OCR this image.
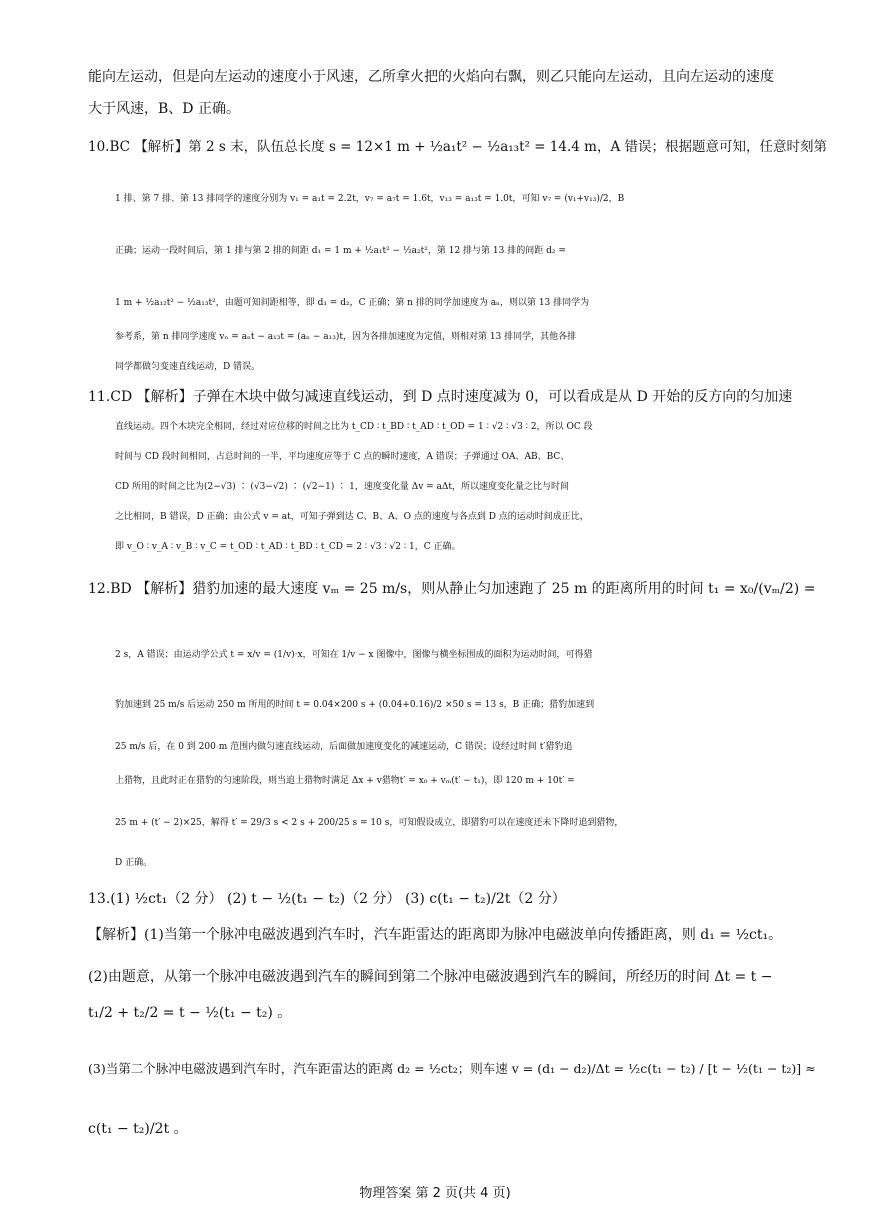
能向左运动，但是向左运动的速度小于风速，乙所拿火把的火焰向右飘，则乙只能向左运动，且向左运动的速度
大于风速，B、D 正确。
10.BC 【解析】第 2 s 末，队伍总长度 s = 12×1 m + ½a₁t² − ½a₁₃t² = 14.4 m，A 错误；根据题意可知，任意时刻第
1 排、第 7 排、第 13 排同学的速度分别为 v₁ = a₁t = 2.2t，v₇ = a₇t = 1.6t，v₁₃ = a₁₃t = 1.0t，可知 v₇ = (v₁+v₁₃)/2，B
正确；运动一段时间后，第 1 排与第 2 排的间距 d₁ = 1 m + ½a₁t² − ½a₂t²，第 12 排与第 13 排的间距 d₂ =
1 m + ½a₁₂t² − ½a₁₃t²，由题可知间距相等，即 d₁ = d₂，C 正确；第 n 排的同学加速度为 aₙ，则以第 13 排同学为
参考系，第 n 排同学速度 vₙ = aₙt − a₁₃t = (aₙ − a₁₃)t，因为各排加速度为定值，则相对第 13 排同学，其他各排
同学都做匀变速直线运动，D 错误。
11.CD 【解析】子弹在木块中做匀减速直线运动，到 D 点时速度减为 0，可以看成是从 D 开始的反方向的匀加速
直线运动。四个木块完全相同，经过对应位移的时间之比为 t_CD ∶ t_BD ∶ t_AD ∶ t_OD = 1 ∶ √2 ∶ √3 ∶ 2，所以 OC 段
时间与 CD 段时间相同，占总时间的一半，平均速度应等于 C 点的瞬时速度，A 错误；子弹通过 OA、AB、BC、
CD 所用的时间之比为(2−√3) ∶ (√3−√2) ∶ (√2−1) ∶ 1，速度变化量 Δv = aΔt，所以速度变化量之比与时间
之比相同，B 错误，D 正确；由公式 v = at，可知子弹到达 C、B、A、O 点的速度与各点到 D 点的运动时间成正比，
即 v_O ∶ v_A ∶ v_B ∶ v_C = t_OD ∶ t_AD ∶ t_BD ∶ t_CD = 2 ∶ √3 ∶ √2 ∶ 1，C 正确。
12.BD 【解析】猎豹加速的最大速度 vₘ = 25 m/s，则从静止匀加速跑了 25 m 的距离所用的时间 t₁ = x₀/(vₘ/2) =
2 s，A 错误；由运动学公式 t = x/v = (1/v)·x，可知在 1/v − x 图像中，图像与横坐标围成的面积为运动时间，可得猎
豹加速到 25 m/s 后运动 250 m 所用的时间 t = 0.04×200 s + (0.04+0.16)/2 ×50 s = 13 s，B 正确；猎豹加速到
25 m/s 后，在 0 到 200 m 范围内做匀速直线运动，后面做加速度变化的减速运动，C 错误；设经过时间 t′猎豹追
上猎物，且此时正在猎豹的匀速阶段，则当追上猎物时满足 Δx + v猎物t′ = x₀ + vₘ(t′ − t₁)，即 120 m + 10t′ =
25 m + (t′ − 2)×25，解得 t′ = 29/3 s < 2 s + 200/25 s = 10 s，可知假设成立，即猎豹可以在速度还未下降时追到猎物，
D 正确。
13.(1) ½ct₁（2 分） (2) t − ½(t₁ − t₂)（2 分） (3) c(t₁ − t₂)/2t（2 分）
【解析】(1)当第一个脉冲电磁波遇到汽车时，汽车距雷达的距离即为脉冲电磁波单向传播距离，则 d₁ = ½ct₁。
(2)由题意，从第一个脉冲电磁波遇到汽车的瞬间到第二个脉冲电磁波遇到汽车的瞬间，所经历的时间 Δt = t −
t₁/2 + t₂/2 = t − ½(t₁ − t₂) 。
(3)当第二个脉冲电磁波遇到汽车时，汽车距雷达的距离 d₂ = ½ct₂；则车速 v = (d₁ − d₂)/Δt = ½c(t₁ − t₂) / [t − ½(t₁ − t₂)] ≈
c(t₁ − t₂)/2t 。
物理答案 第 2 页(共 4 页)
